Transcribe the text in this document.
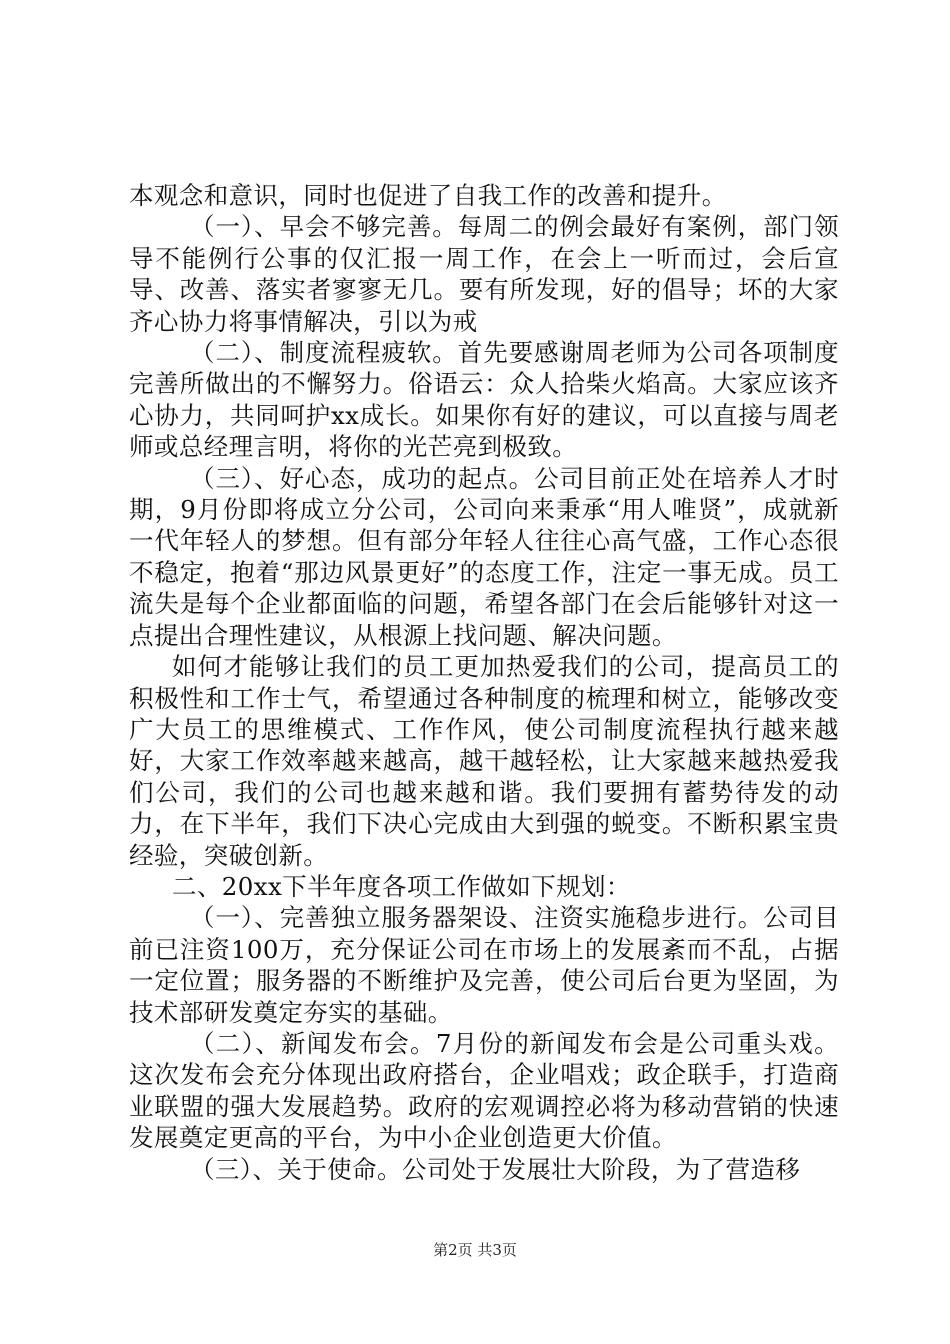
本观念和意识，同时也促进了自我工作的改善和提升。

（一）、早会不够完善。每周二的例会最好有案例，部门领导不能例行公事的仅汇报一周工作，在会上一听而过，会后宣导、改善、落实者寥寥无几。要有所发现，好的倡导；坏的大家齐心协力将事情解决，引以为戒

（二）、制度流程疲软。首先要感谢周老师为公司各项制度完善所做出的不懈努力。俗语云：众人拾柴火焰高。大家应该齐心协力，共同呵护xx成长。如果你有好的建议，可以直接与周老师或总经理言明，将你的光芒亮到极致。

（三）、好心态，成功的起点。公司目前正处在培养人才时期，9月份即将成立分公司，公司向来秉承“用人唯贤”，成就新一代年轻人的梦想。但有部分年轻人往往心高气盛，工作心态很不稳定，抱着“那边风景更好”的态度工作，注定一事无成。员工流失是每个企业都面临的问题，希望各部门在会后能够针对这一点提出合理性建议，从根源上找问题、解决问题。

如何才能够让我们的员工更加热爱我们的公司，提高员工的积极性和工作士气，希望通过各种制度的梳理和树立，能够改变广大员工的思维模式、工作作风，使公司制度流程执行越来越好，大家工作效率越来越高，越干越轻松，让大家越来越热爱我们公司，我们的公司也越来越和谐。我们要拥有蓄势待发的动力，在下半年，我们下决心完成由大到强的蜕变。不断积累宝贵经验，突破创新。

二、20xx下半年度各项工作做如下规划：

（一）、完善独立服务器架设、注资实施稳步进行。公司目前已注资100万，充分保证公司在市场上的发展紊而不乱，占据一定位置；服务器的不断维护及完善，使公司后台更为坚固，为技术部研发奠定夯实的基础。

（二）、新闻发布会。7月份的新闻发布会是公司重头戏。这次发布会充分体现出政府搭台，企业唱戏；政企联手，打造商业联盟的强大发展趋势。政府的宏观调控必将为移动营销的快速发展奠定更高的平台，为中小企业创造更大价值。

（三）、关于使命。公司处于发展壮大阶段，为了营造移

第2页 共3页
